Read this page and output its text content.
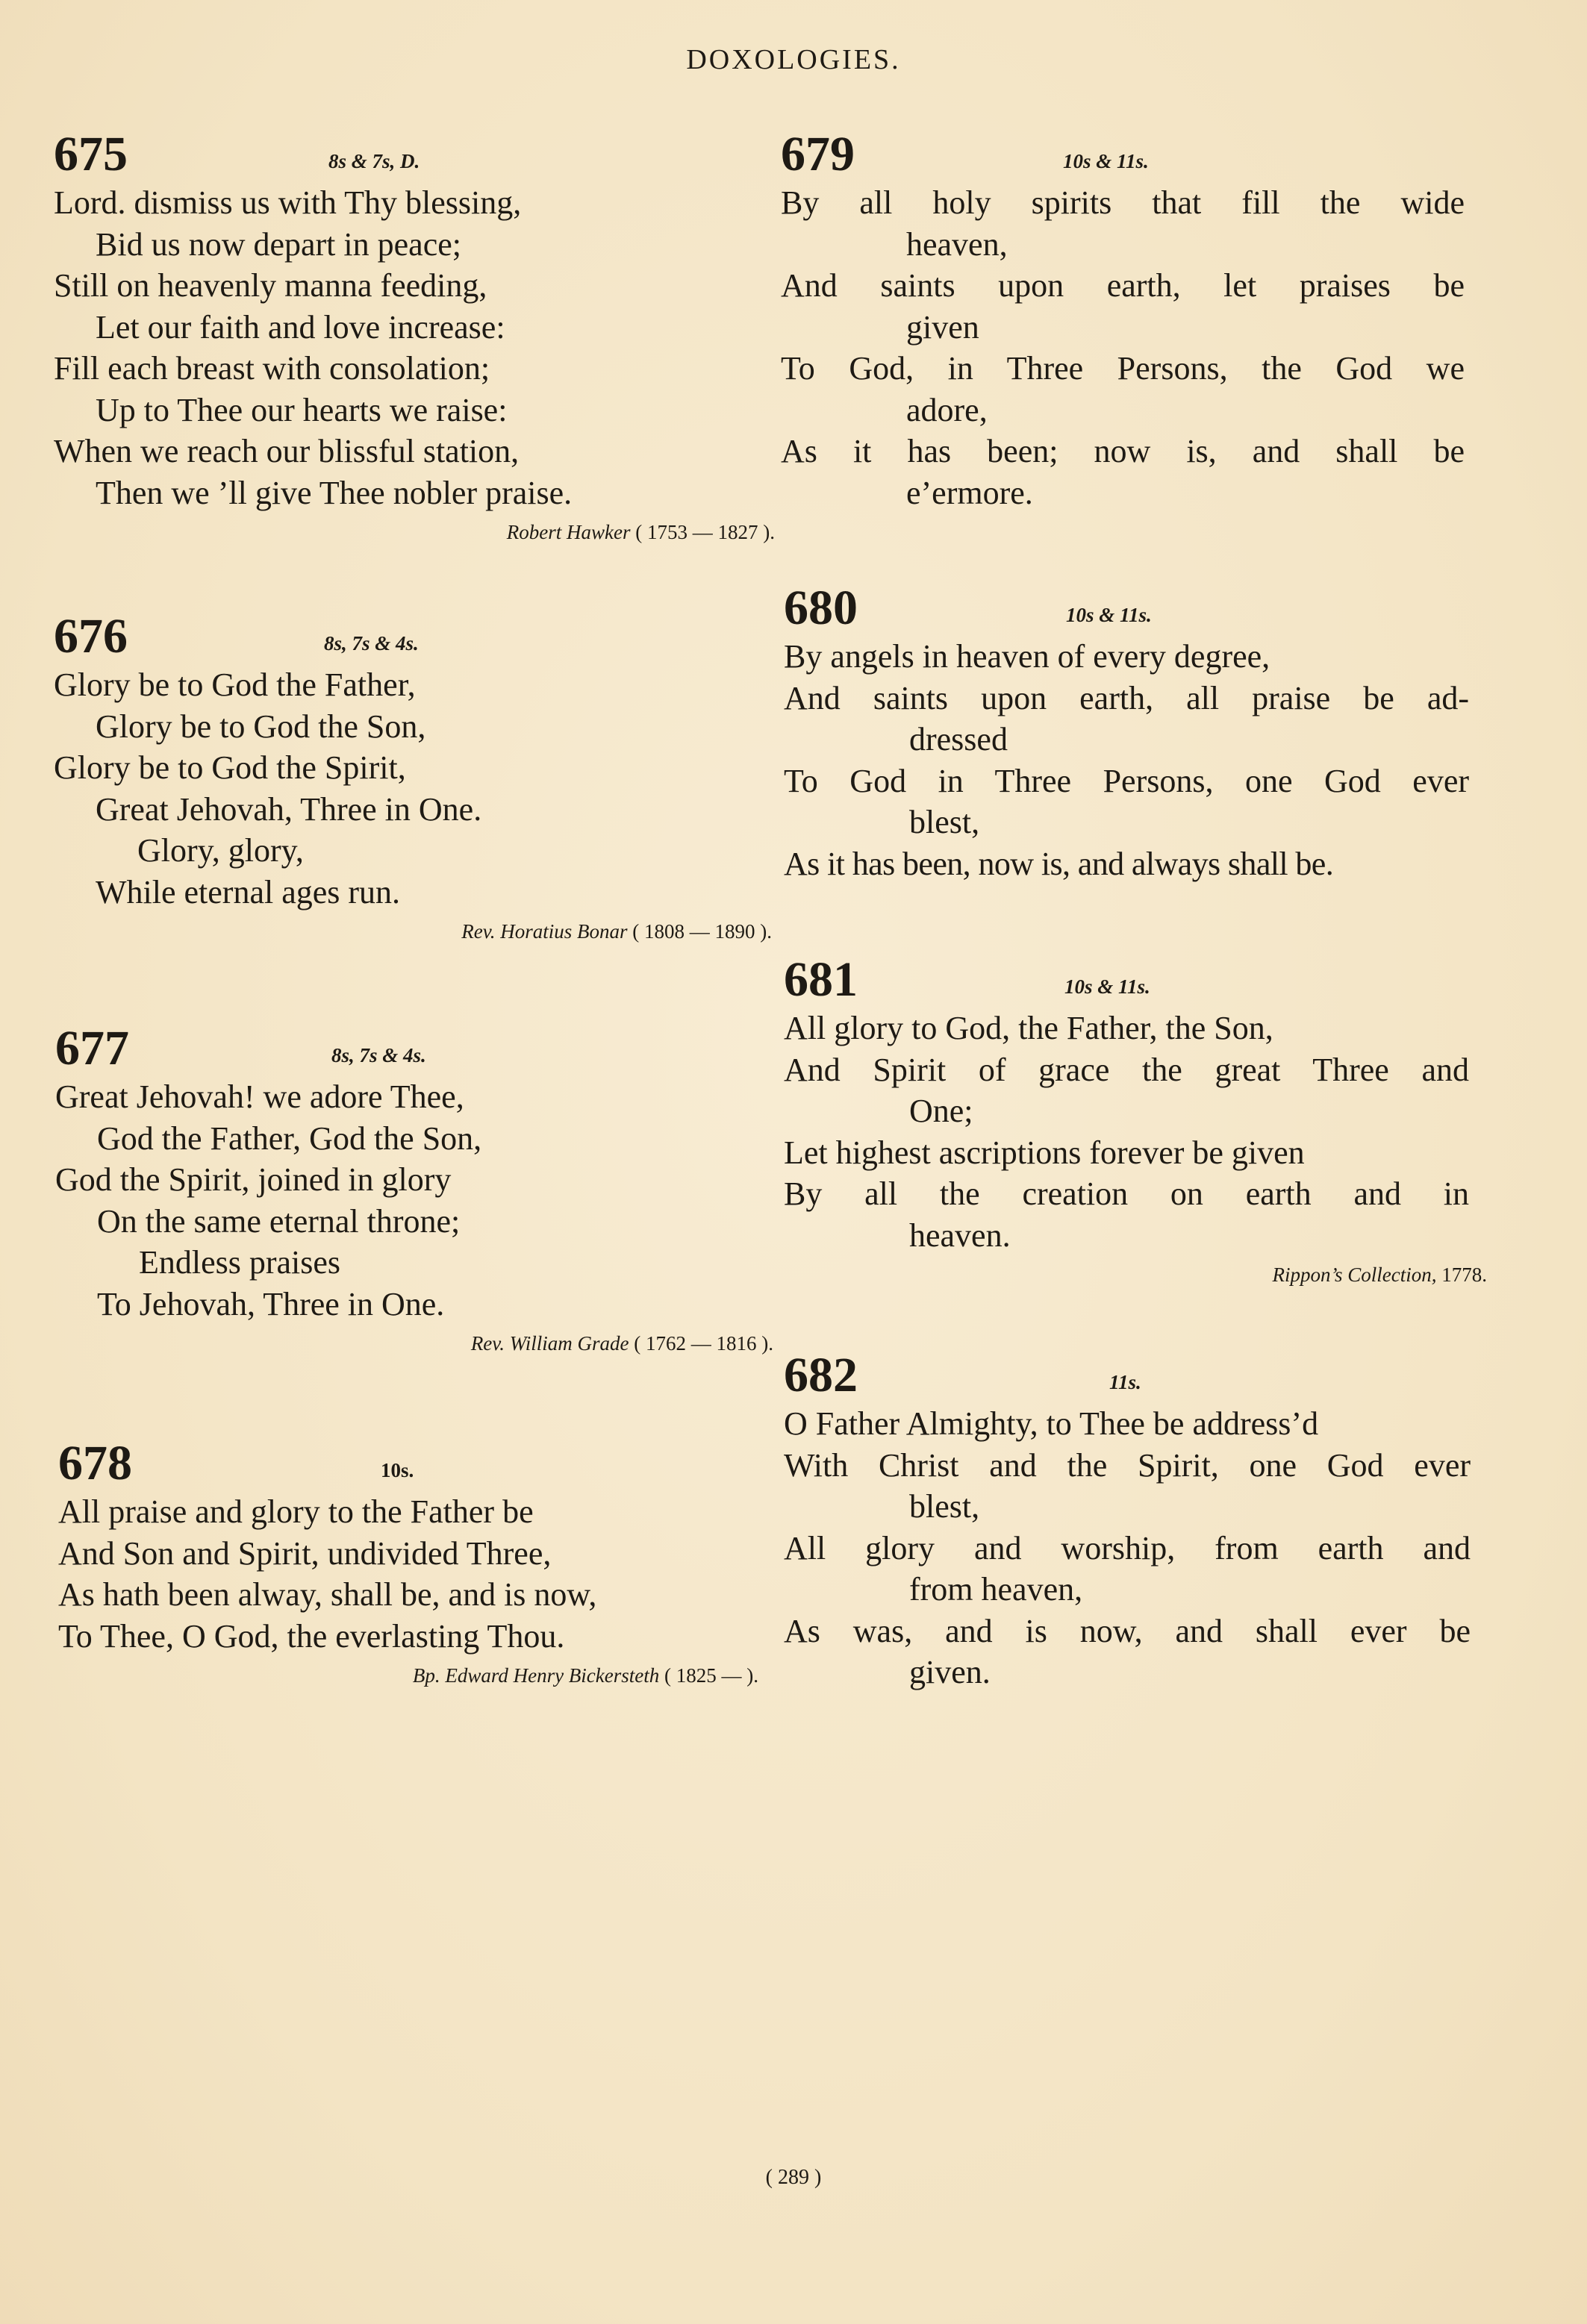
DOXOLOGIES.
675	8s & 7s, D.
Lord. dismiss us with Thy blessing,
Bid us now depart in peace;
Still on heavenly manna feeding,
Let our faith and love increase:
Fill each breast with consolation;
Up to Thee our hearts we raise:
When we reach our blissful station,
Then we ’ll give Thee nobler praise.
Robert Hawker ( 1753 — 1827 ).
676	8s, 7s & 4s.
Glory be to God the Father,
Glory be to God the Son,
Glory be to God the Spirit,
Great Jehovah, Three in One.
Glory, glory,
While eternal ages run.
Rev. Horatius Bonar ( 1808 — 1890 ).
677	8s, 7s & 4s.
Great Jehovah! we adore Thee,
God the Father, God the Son,
God the Spirit, joined in glory
On the same eternal throne;
Endless praises
To Jehovah, Three in One.
Rev. William Grade ( 1762 — 1816 ).
678	10s.
All praise and glory to the Father be
And Son and Spirit, undivided Three,
As hath been alway, shall be, and is now,
To Thee, O God, the everlasting Thou.
Bp. Edward Henry Bickersteth ( 1825 — ).
679	10s & 11s.
By all holy spirits that fill the wide
heaven,
And saints upon earth, let praises be
given
To God, in Three Persons, the God we
adore,
As it has been; now is, and shall be
e’ermore.
680	10s & 11s.
By angels in heaven of every degree,
And saints upon earth, all praise be ad-
dressed
To God in Three Persons, one God ever
blest,
As it has been, now is, and always shall be.
681	10s & 11s.
All glory to God, the Father, the Son,
And Spirit of grace the great Three and
One;
Let highest ascriptions forever be given
By all the creation on earth and in
heaven.
Rippon’s Collection, 1778.
682	11s.
O Father Almighty, to Thee be address’d
With Christ and the Spirit, one God ever
blest,
All glory and worship, from earth and
from heaven,
As was, and is now, and shall ever be
given.
( 289 )
